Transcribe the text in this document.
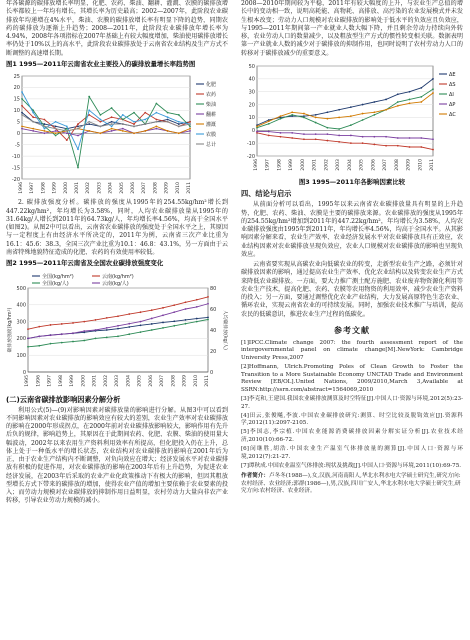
年各碳源的碳排放增长率明显，化肥、农药、柴油、翻耕、灌溉、农膜的碳排放增长率都较上一年均有增长，其增长率为历史最高；2002—2007年，此阶段农业碳排放年均递增在4%水平，柴油、农膜的碳排放增长率有明显下降的趋势，同期农药的碳排放为逐渐上升趋势；2008—2011年，此阶段农业碳排放年增长率为4.94%，2008年各项指标在2007年基础上有较大幅度增加，柴油使用碳排放增长率仍处于10%以上的高水平，此阶段农业碳排放处于云南省农业结构及生产方式不断调整的高速增长期。

图1 1995—2011年云南省农业主要投入的碳排放量增长率趋势图
-20
-15
-10
-5
0
5
10
15
20
25
1996 1997 1998 1999 2000 2001 2002 2003 2004 2005 2006 2007 2008 2009 2010 2011
化肥
农药
柴油
翻耕
灌溉
农膜
总计

2. 碳排放强度分析。碳排放的强度从1995年的254.55kg/hm²增长到447.22kg/hm²，年均增长为3.58%，同时，人均农业碳排放量从1995年的31.64kg/人增长到2011年的64.73kg/人，年均增长率4.56%，均高于全国水平(如图2)。从图2中可以看出，云南省农业碳排放的强度处于全国水平之上，其原因与一定程度上有由经济水平所决定的，2011年为例，云南省三次产业比重为16.1：45.6：38.3，全国三次产业比重为10.1：46.8：43.1%，另一方面由于云南省特殊地貌特征造成的化肥、农药的有效使用率较低。

图2 1995—2011年云南省及全国农业碳排放强度变化
0
100
200
300
400
500
0
20
40
60
80
1995 1996 1997 1998 1999 2000 2001 2002 2003 2004 2005 2006 2007 2008 2009 2010 2011
碳排放强度(kg/hm²)	人均碳排放(kg/人)
全国(kg/hm²)	云南(kg/hm²)
全国(kg/人)	云南(kg/人)
(二)云南省碳排放影响因素分解分析

利用公式(5)—(9)对影响因素对碳排放量的影响进行分解。从图3中可以看到不同影响因素对农业碳排放的影响效应有较大的差别，农业生产效率对农业碳排放的影响在2000年形成拐点，在2000年前对农业碳排放影响较大，影响作用有先升后负的规律，影响趋势上，其原因在于此期间农药、化肥、农膜、柴油的使用量大幅波动，2002年以来农用生产资料利用效率有所提高，但化肥投入仍在上升，总体上处于一种低水平的增长状态，农业结构对农业碳排放的影响在2001年后为正，由于农业生产结构内不断调整，对负向效应在增大；经济发展水平对农业碳排放有积极的促进作用，对农业碳排放的影响在2003年后有上升趋势，为促进农业经济发展，在2003年后采取的农业产业化政策推动下有极大的影响，但因其粗放型增长方式下带来的碳排放的增加，使得农业产值的增加主要依赖于农业要素的投入；而劳动力规模对农业碳排放的抑制作用日益明显，农村劳动力大量向非农产业转移，引导农业劳动力规模的减小。

2008—2010年期间较为平稳，2011年有较大幅度的上升，与农业生产总值的增长中的变动相一致，说明高耗能、高物耗、高排放、高污染的农业发展模式并未发生根本改变；劳动力人口规模对农业碳排放的影响处于低水平的负效应且负效应，与1995—2011年期间第一产业就业人数大幅下降，并且剩余劳动力持续向外转移，农业劳动人口的数量减少，以及粗放型生产方式的惯性转变相关联。数据表明第一产业就业人数的减少对于碳排放的抑制作用，也同时说明了农村劳动力人口的转移对于碳排放减少的重要意义。

-20
-10
0
10
20
30
40
50
1996 1997 1998 1999 2000 2001 2002 2003 2004 2005 2006 2007 2008 2009 2010 2011
ΔE
ΔS
ΔI
ΔP
ΔC
图3 1995—2011年各影响因素比较
四、结论与启示

从前面分析可以看出，1995年以来云南省农业碳排放量具有明显的上升趋势，化肥、农药、柴油、农膜是主要的碳排放来源。农业碳排放的强度从1995年的254.55kg/hm²增加到2011年的447.22kg/hm²，年均增长为3.58%，人均农业碳排放强度由1995年到2011年，年均增长率4.56%，均高于全国水平。从其影响因素分解来看，农业生产效率、农业经济发展水平对农业碳排放具有正效应，农业结构因素对农业碳排放呈现负效应，农业人口规模对农业碳排放的影响也呈现负效应。

云南省要实现从高碳农业向低碳农业的转变，走新型农业生产之路，必须针对碳排放因素的影响，通过提高农业生产效率、优化农业结构以及转变农业生产方式来降低农业碳排放。一方面，要大力推广测土配方施肥、农业废弃物资源化利用等农业生产技术，提高化肥、农药、农膜等农用物资的利用效率，减少农业生产资料的投入；另一方面，要通过调整优化农业产业结构，大力发展高原特色生态农业、循环农业，实现云南省农业的可持续发展。同时，加强农业技术推广与培训，提高农民的低碳意识，推进农业生产过程的低碳化。

参考文献

[1]IPCC.Climate change 2007: the fourth assessment report of the intergovernmental panel on climate change[M].NewYork: Cambridge University Press,2007

[2]Hoffmann, Ulrich.Promoting Poles of Clean Growth to Foster the Transition to a More Sustainable Economy UNCTAD Trade and Environment Review [EB/OL].United Nations, 2009/2010,March 3,Available at SSRN:http://ssrn.com/abstract=1564069,2010

[3]李克和,王建国.我国农业碳排放测算及时空特征[J].中国人口·资源与环境,2012(5):23-27.

[4]田云,张俊飚,李波.中国农业碳排放研究:测算、时空比较及脱钩效应[J].资源科学,2012(11):2097-2105.

[5]李国志,李宗植.中国农业能源消费碳排放因素分解实证分析[J].农业技术经济,2010(10):66-72.

[6]闵继胜,胡浩.中国农业生产温室气体排放量的测算[J].中国人口·资源与环境,2012(7):21-27.

[7]谭秋成.中国农业温室气体排放:现状及挑战[J].中国人口·资源与环境,2011(10):69-75.

作者简介：卢冬冬(1988—),女,汉族,河南南阳人,华北水利水电大学硕士研究生,研究方向:农村经济、农业经济;郭群(1986—),男,汉族,四川广安人,华北水利水电大学硕士研究生,研究方向:农村经济、农业经济。
